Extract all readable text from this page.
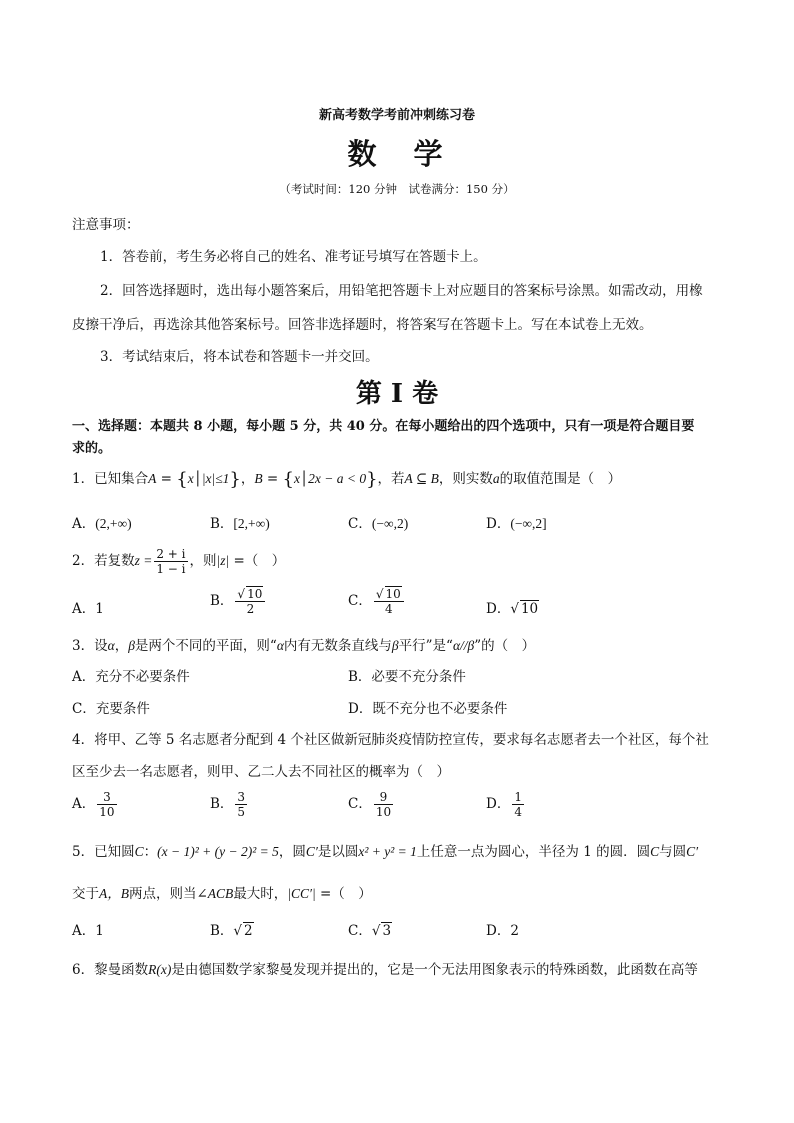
新高考数学考前冲刺练习卷
数　学
（考试时间：120 分钟　试卷满分：150 分）
注意事项：
1．答卷前，考生务必将自己的姓名、准考证号填写在答题卡上。
2．回答选择题时，选出每小题答案后，用铅笔把答题卡上对应题目的答案标号涂黑。如需改动，用橡
皮擦干净后，再选涂其他答案标号。回答非选择题时，将答案写在答题卡上。写在本试卷上无效。
3．考试结束后，将本试卷和答题卡一并交回。
第 I 卷
一、选择题：本题共 8 小题，每小题 5 分，共 40 分。在每小题给出的四个选项中，只有一项是符合题目要
求的。
1．已知集合A = {x│|x|≤1}，B = {x│2x − a < 0}，若A ⊆ B，则实数a的取值范围是（　）
A．(2,+∞)	B．[2,+∞)	C．(−∞,2)	D．(−∞,2]
2．若复数$z = \frac{2 + i}{1 - i}$ ，则|z| =（　）
A．1	B． $\frac{√ 10}{2}$	C． $\frac{√ 10}{4}$	D．√ 10
3．设α，β是两个不同的平面，则“α内有无数条直线与β平行”是“α//β”的（　）
A．充分不必要条件	B．必要不充分条件
C．充要条件	D．既不充分也不必要条件
4．将甲、乙等 5 名志愿者分配到 4 个社区做新冠肺炎疫情防控宣传，要求每名志愿者去一个社区，每个社
区至少去一名志愿者，则甲、乙二人去不同社区的概率为（　）
A． $\frac{3}{10}$	B． $\frac{3}{5}$	C． $\frac{9}{10}$	D． $\frac{1}{4}$
5．已知圆C：(x − 1)² + (y − 2)² = 5，圆C′是以圆x² + y² = 1上任意一点为圆心，半径为 1 的圆．圆C与圆C′
交于A，B两点，则当∠ACB最大时，|CC′| =（　）
A．1	B．√ 2	C．√ 3	D．2
6．黎曼函数R(x)是由德国数学家黎曼发现并提出的，它是一个无法用图象表示的特殊函数，此函数在高等
